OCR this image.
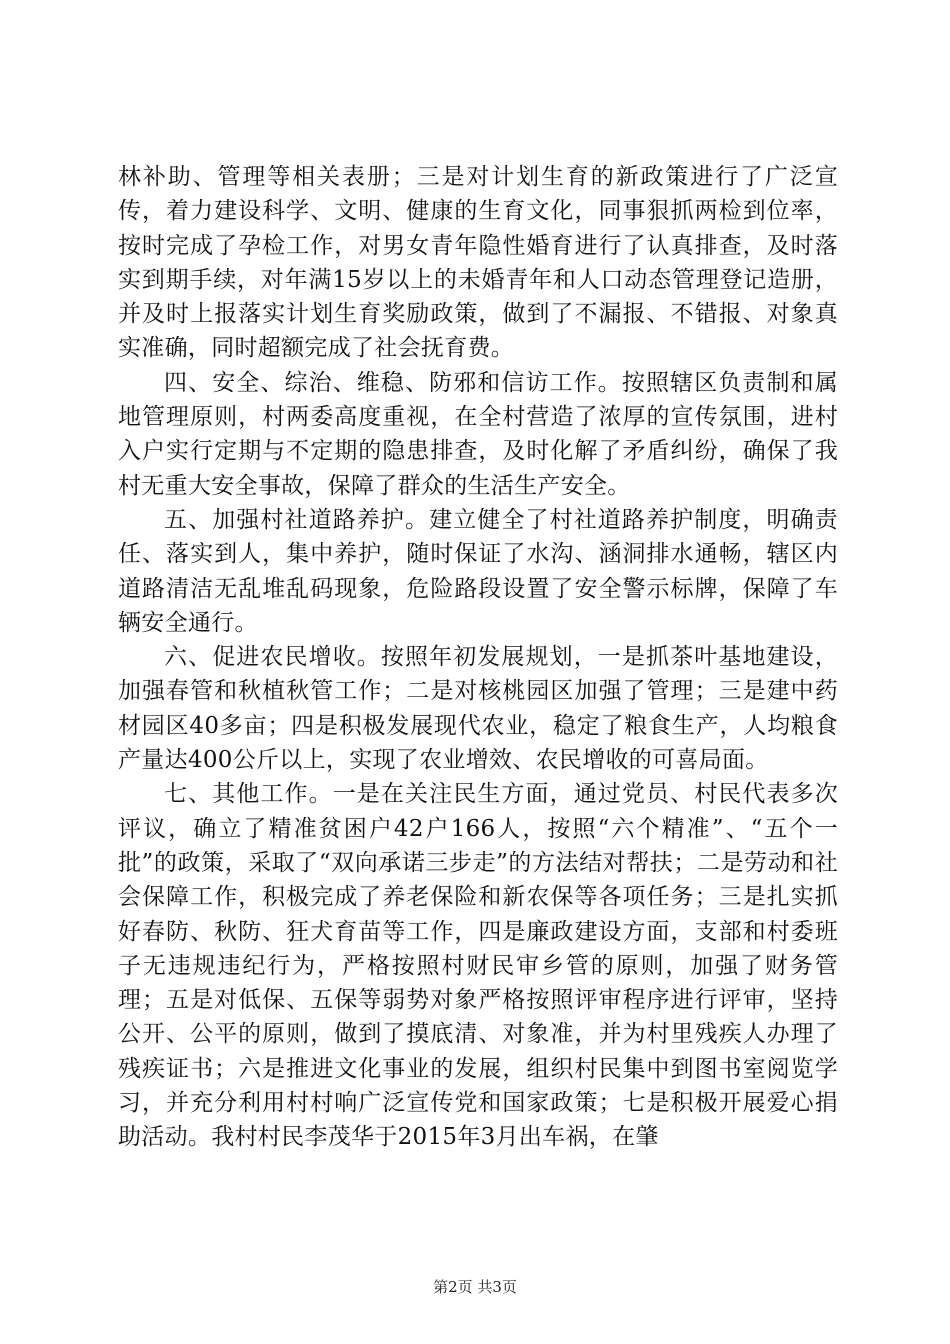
林补助、管理等相关表册；三是对计划生育的新政策进行了广泛宣传，着力建设科学、文明、健康的生育文化，同事狠抓两检到位率，按时完成了孕检工作，对男女青年隐性婚育进行了认真排查，及时落实到期手续，对年满15岁以上的未婚青年和人口动态管理登记造册，并及时上报落实计划生育奖励政策，做到了不漏报、不错报、对象真实准确，同时超额完成了社会抚育费。

四、安全、综治、维稳、防邪和信访工作。按照辖区负责制和属地管理原则，村两委高度重视，在全村营造了浓厚的宣传氛围，进村入户实行定期与不定期的隐患排查，及时化解了矛盾纠纷，确保了我村无重大安全事故，保障了群众的生活生产安全。

五、加强村社道路养护。建立健全了村社道路养护制度，明确责任、落实到人，集中养护，随时保证了水沟、涵洞排水通畅，辖区内道路清洁无乱堆乱码现象，危险路段设置了安全警示标牌，保障了车辆安全通行。

六、促进农民增收。按照年初发展规划，一是抓茶叶基地建设，加强春管和秋植秋管工作；二是对核桃园区加强了管理；三是建中药材园区40多亩；四是积极发展现代农业，稳定了粮食生产，人均粮食产量达400公斤以上，实现了农业增效、农民增收的可喜局面。

七、其他工作。一是在关注民生方面，通过党员、村民代表多次评议，确立了精准贫困户42户166人，按照“六个精准”、“五个一批”的政策，采取了“双向承诺三步走”的方法结对帮扶；二是劳动和社会保障工作，积极完成了养老保险和新农保等各项任务；三是扎实抓好春防、秋防、狂犬育苗等工作，四是廉政建设方面，支部和村委班子无违规违纪行为，严格按照村财民审乡管的原则，加强了财务管理；五是对低保、五保等弱势对象严格按照评审程序进行评审，坚持公开、公平的原则，做到了摸底清、对象准，并为村里残疾人办理了残疾证书；六是推进文化事业的发展，组织村民集中到图书室阅览学习，并充分利用村村响广泛宣传党和国家政策；七是积极开展爱心捐助活动。我村村民李茂华于2015年3月出车祸，在肇

第2页 共3页
